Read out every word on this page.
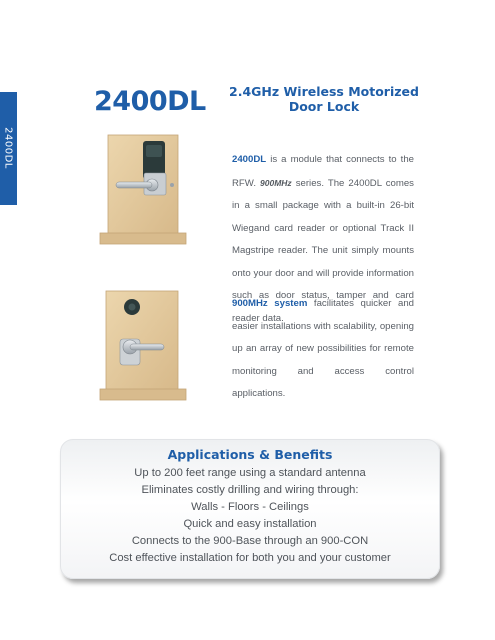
2400DL
2400DL 2.4GHz Wireless Motorized Door Lock
2400DL is a module that connects to the RFW. 900MHz series. The 2400DL comes in a small package with a built-in 26-bit Wiegand card reader or optional Track II Magstripe reader. The unit simply mounts onto your door and will provide information such as door status, tamper and card reader data.
900MHz system facilitates quicker and easier installations with scalability, opening up an array of new possibilities for remote monitoring and access control applications.
Applications & Benefits
Up to 200 feet range using a standard antenna
Eliminates costly drilling and wiring through:
Walls - Floors - Ceilings
Quick and easy installation
Connects to the 900-Base through an 900-CON
Cost effective installation for both you and your customer
